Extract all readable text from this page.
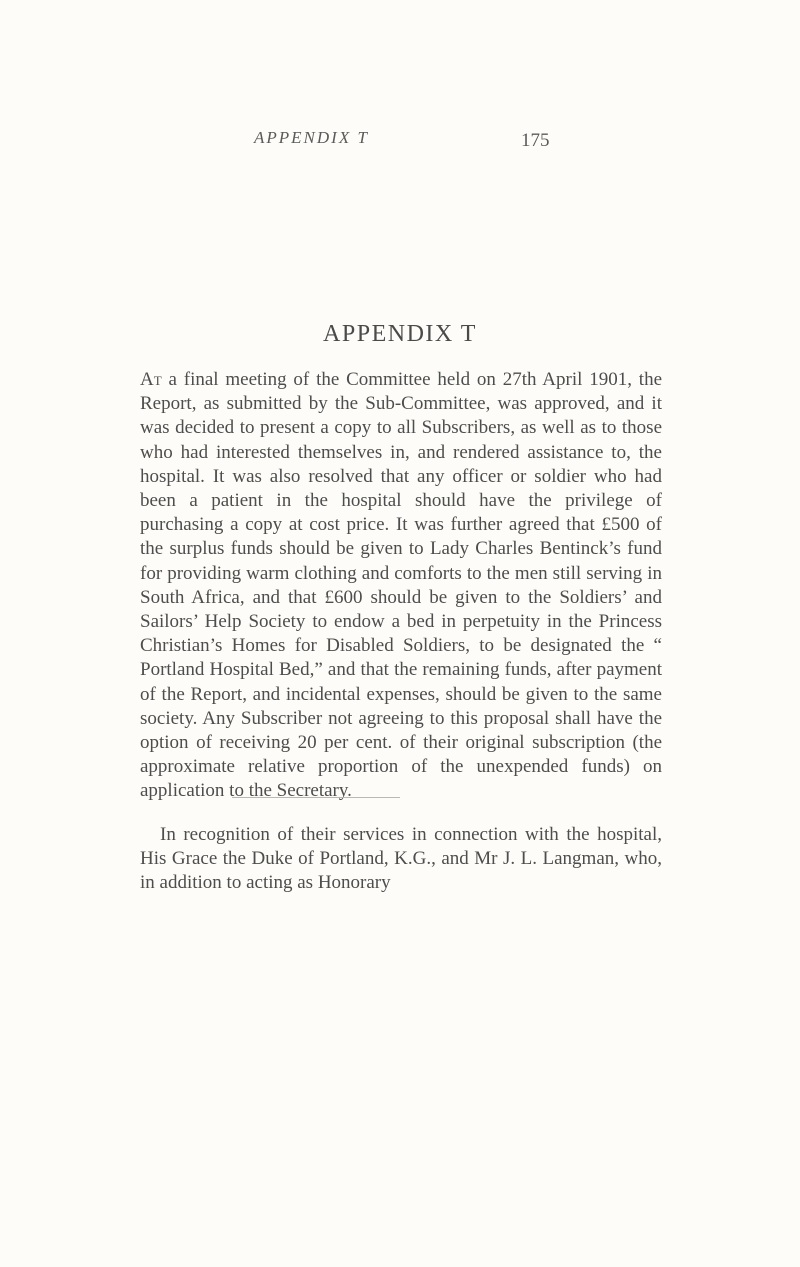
APPENDIX T	175
APPENDIX T

At a final meeting of the Committee held on 27th April 1901, the Report, as submitted by the Sub-Committee, was approved, and it was decided to present a copy to all Subscribers, as well as to those who had interested themselves in, and rendered assistance to, the hospital. It was also resolved that any officer or soldier who had been a patient in the hospital should have the privilege of purchasing a copy at cost price. It was further agreed that £500 of the surplus funds should be given to Lady Charles Bentinck’s fund for providing warm clothing and comforts to the men still serving in South Africa, and that £600 should be given to the Soldiers’ and Sailors’ Help Society to endow a bed in perpetuity in the Princess Christian’s Homes for Disabled Soldiers, to be designated the “ Portland Hospital Bed,” and that the remaining funds, after payment of the Report, and incidental expenses, should be given to the same society. Any Subscriber not agreeing to this proposal shall have the option of receiving 20 per cent. of their original subscription (the approximate relative proportion of the unexpended funds) on application to the Secretary.

In recognition of their services in connection with the hospital, His Grace the Duke of Portland, K.G., and Mr J. L. Langman, who, in addition to acting as Honorary
